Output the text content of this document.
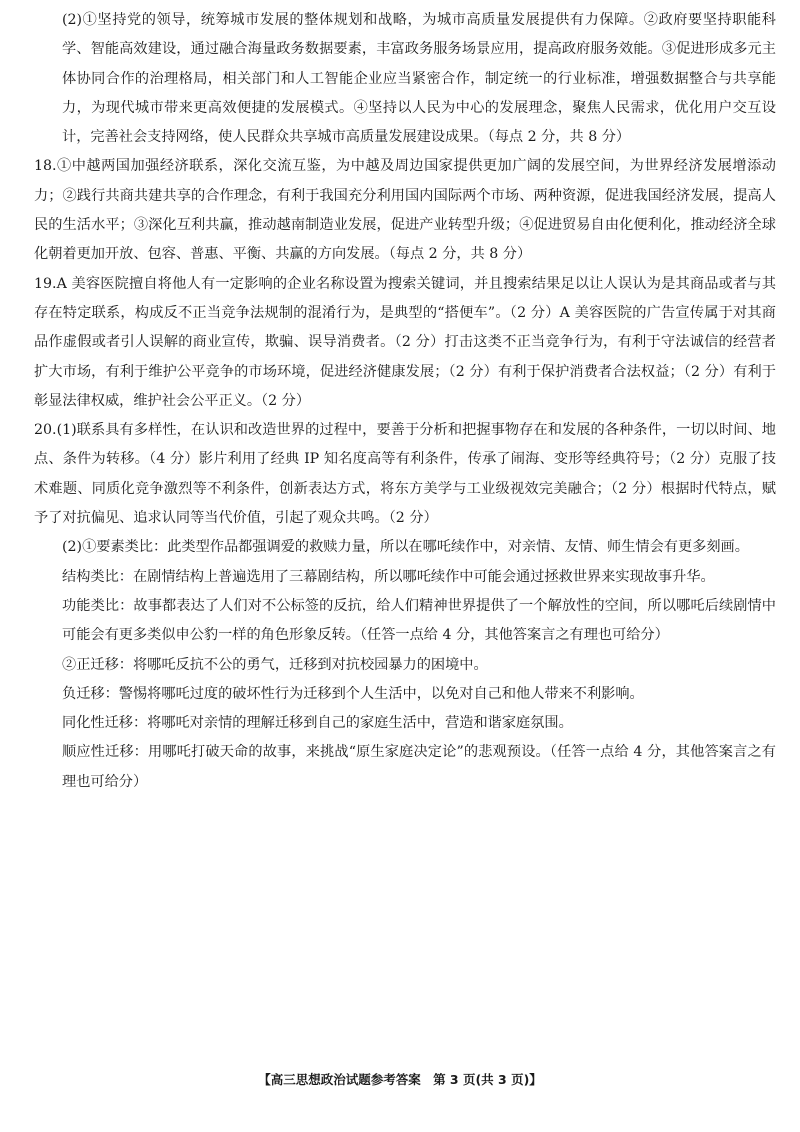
(2)①坚持党的领导，统筹城市发展的整体规划和战略，为城市高质量发展提供有力保障。②政府要坚持职能科学、智能高效建设，通过融合海量政务数据要素，丰富政务服务场景应用，提高政府服务效能。③促进形成多元主体协同合作的治理格局，相关部门和人工智能企业应当紧密合作，制定统一的行业标准，增强数据整合与共享能力，为现代城市带来更高效便捷的发展模式。④坚持以人民为中心的发展理念，聚焦人民需求，优化用户交互设计，完善社会支持网络，使人民群众共享城市高质量发展建设成果。（每点 2 分，共 8 分）

18.①中越两国加强经济联系，深化交流互鉴，为中越及周边国家提供更加广阔的发展空间，为世界经济发展增添动力；②践行共商共建共享的合作理念，有利于我国充分利用国内国际两个市场、两种资源，促进我国经济发展，提高人民的生活水平；③深化互利共赢，推动越南制造业发展，促进产业转型升级；④促进贸易自由化便利化，推动经济全球化朝着更加开放、包容、普惠、平衡、共赢的方向发展。（每点 2 分，共 8 分）

19.A 美容医院擅自将他人有一定影响的企业名称设置为搜索关键词，并且搜索结果足以让人误认为是其商品或者与其存在特定联系，构成反不正当竞争法规制的混淆行为，是典型的“搭便车”。（2 分）A 美容医院的广告宣传属于对其商品作虚假或者引人误解的商业宣传，欺骗、误导消费者。（2 分）打击这类不正当竞争行为，有利于守法诚信的经营者扩大市场，有利于维护公平竞争的市场环境，促进经济健康发展；（2 分）有利于保护消费者合法权益；（2 分）有利于彰显法律权威，维护社会公平正义。（2 分）

20.(1)联系具有多样性，在认识和改造世界的过程中，要善于分析和把握事物存在和发展的各种条件，一切以时间、地点、条件为转移。（4 分）影片利用了经典 IP 知名度高等有利条件，传承了闹海、变形等经典符号；（2 分）克服了技术难题、同质化竞争激烈等不利条件，创新表达方式，将东方美学与工业级视效完美融合；（2 分）根据时代特点，赋予了对抗偏见、追求认同等当代价值，引起了观众共鸣。（2 分）

(2)①要素类比：此类型作品都强调爱的救赎力量，所以在哪吒续作中，对亲情、友情、师生情会有更多刻画。

结构类比：在剧情结构上普遍选用了三幕剧结构，所以哪吒续作中可能会通过拯救世界来实现故事升华。

功能类比：故事都表达了人们对不公标签的反抗，给人们精神世界提供了一个解放性的空间，所以哪吒后续剧情中可能会有更多类似申公豹一样的角色形象反转。（任答一点给 4 分，其他答案言之有理也可给分）

②正迁移：将哪吒反抗不公的勇气，迁移到对抗校园暴力的困境中。

负迁移：警惕将哪吒过度的破坏性行为迁移到个人生活中，以免对自己和他人带来不利影响。

同化性迁移：将哪吒对亲情的理解迁移到自己的家庭生活中，营造和谐家庭氛围。

顺应性迁移：用哪吒打破天命的故事，来挑战“原生家庭决定论”的悲观预设。（任答一点给 4 分，其他答案言之有理也可给分）

【高三思想政治试题参考答案 第 3 页(共 3 页)】
